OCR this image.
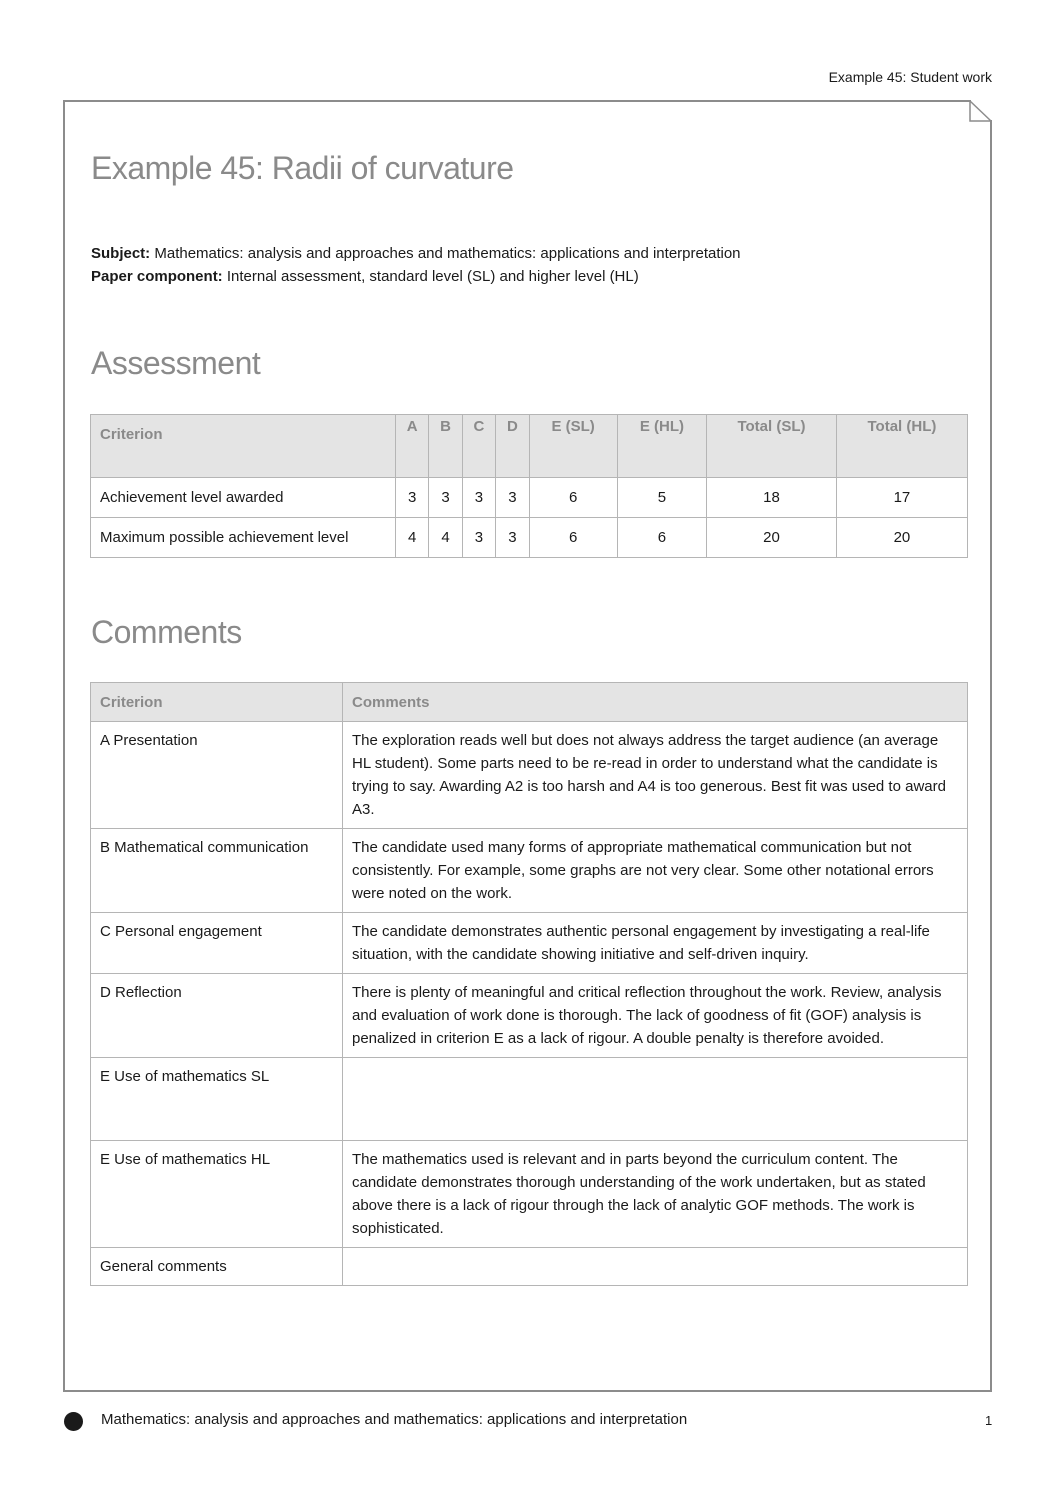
Example 45: Student work
Example 45: Radii of curvature
Subject: Mathematics: analysis and approaches and mathematics: applications and interpretation
Paper component: Internal assessment, standard level (SL) and higher level (HL)
Assessment
Criterion	A	B	C	D	E (SL)	E (HL)	Total (SL)	Total (HL)
Achievement level awarded	3	3	3	3	6	5	18	17
Maximum possible achievement level	4	4	3	3	6	6	20	20
Comments
Criterion	Comments
A Presentation	The exploration reads well but does not always address the target audience (an average HL student). Some parts need to be re-read in order to understand what the candidate is trying to say. Awarding A2 is too harsh and A4 is too generous. Best fit was used to award A3.
B Mathematical communication	The candidate used many forms of appropriate mathematical communication but not consistently. For example, some graphs are not very clear. Some other notational errors were noted on the work.
C Personal engagement	The candidate demonstrates authentic personal engagement by investigating a real-life situation, with the candidate showing initiative and self-driven inquiry.
D Reflection	There is plenty of meaningful and critical reflection throughout the work. Review, analysis and evaluation of work done is thorough. The lack of goodness of fit (GOF) analysis is penalized in criterion E as a lack of rigour. A double penalty is therefore avoided.
E Use of mathematics SL	
E Use of mathematics HL	The mathematics used is relevant and in parts beyond the curriculum content. The candidate demonstrates thorough understanding of the work undertaken, but as stated above there is a lack of rigour through the lack of analytic GOF methods. The work is sophisticated.
General comments	
Mathematics: analysis and approaches and mathematics: applications and interpretation	1
